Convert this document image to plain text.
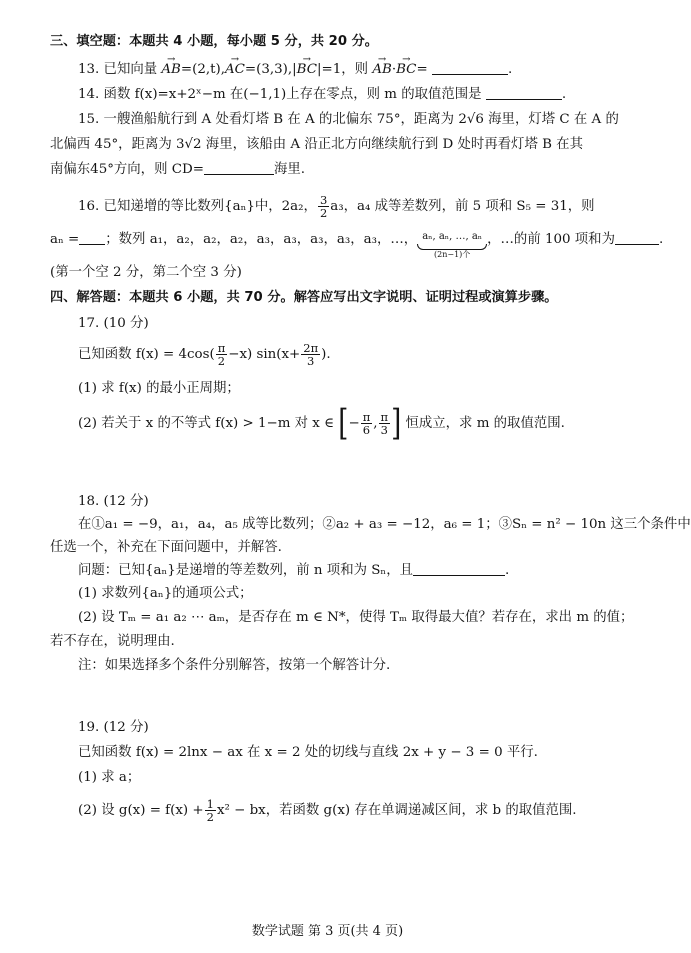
三、填空题：本题共 4 小题，每小题 5 分，共 20 分。
13. 已知向量 → AB=(2,t),→ AC=(3,3),|→ BC|=1，则 → AB·→ BC=	.
14. 函数 f(x)=x+2ˣ−m 在(−1,1)上存在零点，则 m 的取值范围是	.
15. 一艘渔船航行到 A 处看灯塔 B 在 A 的北偏东 75°，距离为 2√6 海里，灯塔 C 在 A 的
北偏西 45°，距离为 3√2 海里，该船由 A 沿正北方向继续航行到 D 处时再看灯塔 B 在其
南偏东45°方向，则 CD=	海里.
16. 已知递增的等比数列{aₙ}中，2a₂， $\frac{3}{2} a_3$，a₄ 成等差数列，前 5 项和 S₅ = 31，则
aₙ = ；数列 a₁，a₂，a₂，a₂，a₃，a₃，a₃，a₃，a₃，…， aₙ, aₙ, …, aₙ
(2n−1)个
，…的前 100 项和为	.
(第一个空 2 分，第二个空 3 分)
四、解答题：本题共 6 小题，共 70 分。解答应写出文字说明、证明过程或演算步骤。
17. (10 分)
已知函数 $f(x) = 4\cos( \frac{\pi}{2} -x)$ $\sin(x+ \frac{2\pi}{3}$ ).
(1) 求 f(x) 的最小正周期；
(2) 若关于 x 的不等式 f(x) > 1−m 对 x ∈ [− $\frac{\pi}{6}$ , $\frac{\pi}{3}$ ] 恒成立，求 m 的取值范围.
18. (12 分)
在①a₁ = −9，a₁，a₄，a₅ 成等比数列；②a₂ + a₃ = −12，a₆ = 1；③Sₙ = n² − 10n 这三个条件中
任选一个，补充在下面问题中，并解答.
问题：已知{aₙ}是递增的等差数列，前 n 项和为 Sₙ，且	.
(1) 求数列{aₙ}的通项公式；
(2) 设 Tₘ = a₁ a₂ ⋯ aₘ，是否存在 m ∈ N*，使得 Tₘ 取得最大值？若存在，求出 m 的值；
若不存在，说明理由.
注：如果选择多个条件分别解答，按第一个解答计分.
19. (12 分)
已知函数 f(x) = 2lnx − ax 在 x = 2 处的切线与直线 2x + y − 3 = 0 平行.
(1) 求 a；
(2) 设 $g(x) = f(x) + \frac{1}{2} x^2$ − bx，若函数 g(x) 存在单调递减区间，求 b 的取值范围.
数学试题 第 3 页(共 4 页)
